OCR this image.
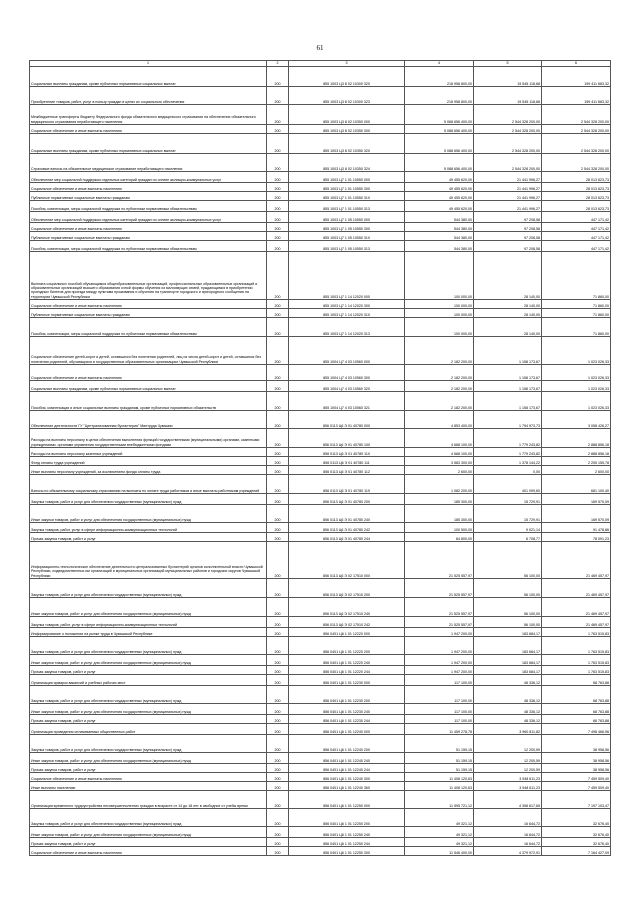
61
1	2	3	4	5	6
Социальные выплаты гражданам, кроме публичных нормативных социальных выплат	200	855 1003 Ц3 8 02 10300 320	218 958 800,00	19 545 118,68	199 411 683,32
Приобретение товаров, работ, услуг в пользу граждан в целях их социального обеспечения	200	855 1003 Ц3 8 02 10300 323	218 958 800,00	19 545 118,68	199 411 683,32
Межбюджетные трансферты бюджету Федерального фонда обязательного медицинского страхования на обеспечение обязательного медицинского страхования неработающего населения	200	855 1003 Ц3 8 02 10350 000	5 068 656 400,00	2 544 328 200,00	2 544 328 200,00
Социальное обеспечение и иные выплаты населению	200	855 1003 Ц3 8 02 10350 300	5 088 656 400,00	2 544 328 200,00	2 544 328 200,00
Социальные выплаты гражданам, кроме публичных нормативных социальных выплат	200	855 1003 Ц3 8 02 10350 320	5 088 656 400,00	2 544 328 200,00	2 544 328 200,00
Страховые взносы на обязательное медицинское страхование неработающего населения	200	855 1003 Ц3 8 02 10350 324	5 088 656 400,00	2 544 328 200,00	2 544 328 200,00
Обеспечение мер социальной поддержки отдельных категорий граждан по оплате жилищно-коммунальных услуг	200	855 1003 Ц7 1 01 10550 000	49 455 620,00	21 441 996,27	28 013 623,73
Социальное обеспечение и иные выплаты населению	200	855 1003 Ц7 1 01 10550 300	49 455 620,00	21 441 996,27	28 013 623,73
Публичные нормативные социальные выплаты гражданам	200	855 1003 Ц7 1 01 10550 310	49 455 620,00	21 441 996,27	28 013 623,73
Пособия, компенсации, меры социальной поддержки по публичным нормативным обязательствам	200	855 1003 Ц7 1 01 10550 313	49 455 620,00	21 441 996,27	28 013 623,73
Обеспечение мер социальной поддержки отдельных категорий граждан по оплате жилищно-коммунальных услуг	200	855 1003 Ц7 1 05 10550 000	544 380,00	97 208,58	447 171,42
Социальное обеспечение и иные выплаты населению	200	855 1003 Ц7 1 05 10550 300	544 380,00	97 208,58	447 171,42
Публичные нормативные социальные выплаты гражданам	200	855 1003 Ц7 1 05 10550 310	544 380,00	97 208,58	447 171,42
Пособия, компенсации, меры социальной поддержки по публичным нормативным обязательствам	200	855 1003 Ц7 1 05 10550 313	544 380,00	97 208,58	447 171,42
Выплата социальных пособий обучающимся общеобразовательных организаций, профессиональных образовательных организаций и образовательных организаций высшего образования очной формы обучения из малоимущих семей, нуждающимся в приобретении проездных билетов для проезда между пунктами проживания и обучения на транспорте городского и пригородного сообщения на территории Чувашской Республики	200	855 1003 Ц7 1 14 12020 000	100 000,00	28 140,00	71 860,00
Социальное обеспечение и иные выплаты населению	200	855 1003 Ц7 1 14 12020 300	100 000,00	28 140,00	71 860,00
Публичные нормативные социальные выплаты гражданам	200	855 1003 Ц7 1 14 12020 310	100 000,00	28 140,00	71 860,00
Пособия, компенсации, меры социальной поддержки по публичным нормативным обязательствам	200	855 1003 Ц7 1 14 12020 313	100 000,00	28 140,00	71 860,00
Социальное обеспечение детей-сирот и детей, оставшихся без попечения родителей, лиц из числа детей-сирот и детей, оставшихся без попечения родителей, обучающихся в государственных образовательных организациях Чувашской Республики	200	855 1004 Ц7 4 03 10560 000	2 182 200,00	1 158 173,67	1 023 026,33
Социальное обеспечение и иные выплаты населению	200	855 1004 Ц7 4 03 10560 300	2 182 200,00	1 158 173,67	1 023 026,33
Социальные выплаты гражданам, кроме публичных нормативных социальных выплат	200	855 1004 Ц7 4 03 10560 320	2 182 200,00	1 158 173,67	1 023 026,33
Пособия, компенсации и иные социальные выплаты гражданам, кроме публичных нормативных обязательств	200	855 1004 Ц7 4 03 10560 321	2 182 200,00	1 158 173,67	1 023 026,33
Обеспечение деятельности ГУ "Централизованная бухгалтерия" Минтруда Чувашии	200	856 0113 Ц6 Э 01 40780 000	4 853 400,00	1 794 973,73	3 058 426,27
Расходы на выплаты персоналу в целях обеспечения выполнения функций государственными (муниципальными) органами, казенными учреждениями, органами управления государственными внебюджетными фондами	200	856 0113 Ц6 Э 01 40780 100	4 668 100,00	1 779 243,82	2 888 856,18
Расходы на выплаты персоналу казенных учреждений	200	856 0113 Ц6 Э 01 40780 110	4 668 100,00	1 779 243,82	2 888 856,18
Фонд оплаты труда учреждений	200	856 0113 Ц6 Э 01 40780 111	3 583 300,00	1 378 144,22	2 205 155,78
Иные выплаты персоналу учреждений, за исключением фонда оплаты труда	200	856 0113 Ц6 Э 01 40780 112	2 600,00	0,00	2 600,00
Взносы по обязательному социальному страхованию на выплаты по оплате труда работников и иные выплаты работникам учреждений	200	856 0113 Ц6 Э 01 40780 119	1 082 200,00	401 099,60	681 100,40
Закупка товаров, работ и услуг для обеспечения государственных (муниципальных) нужд	200	856 0113 Ц6 Э 01 40780 200	185 300,00	15 729,91	169 570,09
Иные закупки товаров, работ и услуг для обеспечения государственных (муниципальных) нужд	200	856 0113 Ц6 Э 01 40780 240	185 300,00	15 729,91	169 570,09
Закупка товаров, работ, услуг в сфере информационно-коммуникационных технологий	200	856 0113 Ц6 Э 01 40780 242	100 500,00	9 021,14	91 478,86
Прочая закупка товаров, работ и услуг	200	856 0113 Ц6 Э 01 40780 244	84 800,00	6 708,77	78 091,23
Информационно-технологическое обеспечение деятельности централизованных бухгалтерий органов исполнительной власти Чувашской Республики, подведомственных им организаций и муниципальных организаций муниципальных районов и городских округов Чувашской Республики	200	856 0113 Ц6 Э 02 17510 000	21 525 557,97	56 100,00	21 469 457,97
Закупка товаров, работ и услуг для обеспечения государственных (муниципальных) нужд	200	856 0113 Ц6 Э 02 17510 200	21 525 557,97	56 100,00	21 469 457,97
Иные закупки товаров, работ и услуг для обеспечения государственных (муниципальных) нужд	200	856 0113 Ц6 Э 02 17510 240	21 525 557,97	56 100,00	21 469 457,97
Закупка товаров, работ, услуг в сфере информационно-коммуникационных технологий	200	856 0113 Ц6 Э 02 17510 242	21 525 557,97	56 100,00	21 469 457,97
Информирование о положении на рынке труда в Чувашской Республике	200	856 0401 Ц6 1 01 12220 000	1 947 200,00	183 684,17	1 763 515,83
Закупка товаров, работ и услуг для обеспечения государственных (муниципальных) нужд	200	856 0401 Ц6 1 01 12220 200	1 947 200,00	183 684,17	1 763 515,83
Иные закупки товаров, работ и услуг для обеспечения государственных (муниципальных) нужд	200	856 0401 Ц6 1 01 12220 240	1 947 200,00	183 684,17	1 763 515,83
Прочая закупка товаров, работ и услуг	200	856 0401 Ц6 1 01 12220 244	1 947 200,00	183 684,17	1 763 515,83
Организация ярмарок вакансий и учебных рабочих мест	200	856 0401 Ц6 1 01 12230 000	117 100,00	48 336,12	68 763,88
Закупка товаров, работ и услуг для обеспечения государственных (муниципальных) нужд	200	856 0401 Ц6 1 01 12230 200	117 100,00	48 336,12	68 763,88
Иные закупки товаров, работ и услуг для обеспечения государственных (муниципальных) нужд	200	856 0401 Ц6 1 01 12230 240	117 100,00	48 336,12	68 763,88
Прочая закупка товаров, работ и услуг	200	856 0401 Ц6 1 01 12230 244	117 100,00	48 336,12	68 763,88
Организация проведения оплачиваемых общественных работ	200	856 0401 Ц6 1 01 12240 000	11 459 278,78	3 960 811,82	7 498 466,96
Закупка товаров, работ и услуг для обеспечения государственных (муниципальных) нужд	200	856 0401 Ц6 1 01 12240 200	51 159,15	12 200,59	38 958,56
Иные закупки товаров, работ и услуг для обеспечения государственных (муниципальных) нужд	200	856 0401 Ц6 1 01 12240 240	51 159,15	12 200,59	38 958,56
Прочая закупка товаров, работ и услуг	200	856 0401 Ц6 1 01 12240 244	51 159,15	12 200,59	38 958,56
Социальное обеспечение и иные выплаты населению	200	856 0401 Ц6 1 01 12240 300	11 408 120,63	3 948 611,23	7 459 509,40
Иные выплаты населению	200	856 0401 Ц6 1 01 12240 360	11 408 120,63	3 948 611,23	7 459 509,40
Организация временного трудоустройства несовершеннолетних граждан в возрасте от 14 до 18 лет в свободное от учебы время	200	856 0401 Ц6 1 01 12250 000	11 595 721,12	4 398 617,65	7 197 103,47
Закупка товаров, работ и услуг для обеспечения государственных (муниципальных) нужд	200	856 0401 Ц6 1 01 12250 200	49 321,12	16 644,72	32 676,40
Иные закупки товаров, работ и услуг для обеспечения государственных (муниципальных) нужд	200	856 0401 Ц6 1 01 12250 240	49 321,12	16 644,72	32 676,40
Прочая закупка товаров, работ и услуг	200	856 0401 Ц6 1 01 12250 244	49 321,12	16 644,72	32 676,40
Социальное обеспечение и иные выплаты населению	200	856 0401 Ц6 1 01 12250 300	11 546 400,00	4 379 972,91	7 164 427,09
